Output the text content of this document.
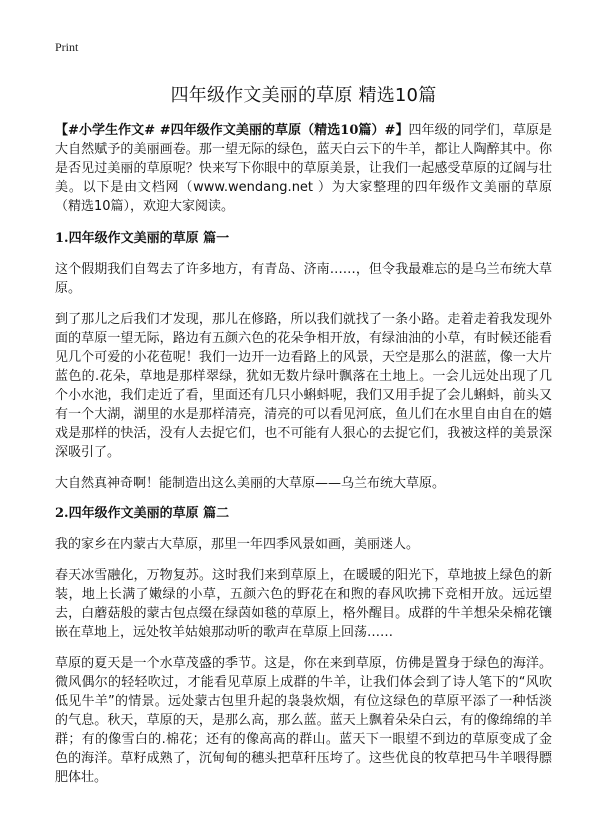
Print
四年级作文美丽的草原 精选10篇

【#小学生作文# #四年级作文美丽的草原（精选10篇）#】四年级的同学们，草原是大自然赋予的美丽画卷。那一望无际的绿色，蓝天白云下的牛羊，都让人陶醉其中。你是否见过美丽的草原呢？快来写下你眼中的草原美景，让我们一起感受草原的辽阔与壮美。以下是由文档网（www.wendang.net ）为大家整理的四年级作文美丽的草原（精选10篇），欢迎大家阅读。

1.四年级作文美丽的草原 篇一

这个假期我们自驾去了许多地方，有青岛、济南……，但令我最难忘的是乌兰布统大草原。

到了那儿之后我们才发现，那儿在修路，所以我们就找了一条小路。走着走着我发现外面的草原一望无际，路边有五颜六色的花朵争相开放，有绿油油的小草，有时候还能看见几个可爱的小花苞呢！我们一边开一边看路上的风景，天空是那么的湛蓝，像一大片蓝色的.花朵，草地是那样翠绿，犹如无数片绿叶飘落在土地上。一会儿远处出现了几个小水池，我们走近了看，里面还有几只小蝌蚪呢，我们又用手捉了会儿蝌蚪，前头又有一个大湖，湖里的水是那样清亮，清亮的可以看见河底，鱼儿们在水里自由自在的嬉戏是那样的快活，没有人去捉它们，也不可能有人狠心的去捉它们，我被这样的美景深深吸引了。

大自然真神奇啊！能制造出这么美丽的大草原——乌兰布统大草原。

2.四年级作文美丽的草原 篇二

我的家乡在内蒙古大草原，那里一年四季风景如画，美丽迷人。

春天冰雪融化，万物复苏。这时我们来到草原上，在暖暖的阳光下，草地披上绿色的新装，地上长满了嫩绿的小草，五颜六色的野花在和煦的春风吹拂下竞相开放。远远望去，白蘑菇般的蒙古包点缀在绿茵如毯的草原上，格外醒目。成群的牛羊想朵朵棉花镶嵌在草地上，远处牧羊姑娘那动听的歌声在草原上回荡……

草原的夏天是一个水草茂盛的季节。这是，你在来到草原，仿佛是置身于绿色的海洋。微风偶尔的轻轻吹过，才能看见草原上成群的牛羊，让我们体会到了诗人笔下的“风吹低见牛羊”的情景。远处蒙古包里升起的袅袅炊烟，有位这绿色的草原平添了一种恬淡的气息。秋天，草原的天，是那么高，那么蓝。蓝天上飘着朵朵白云，有的像绵绵的羊群；有的像雪白的.棉花；还有的像高高的群山。蓝天下一眼望不到边的草原变成了金色的海洋。草籽成熟了，沉甸甸的穗头把草秆压垮了。这些优良的牧草把马牛羊喂得膘肥体壮。
